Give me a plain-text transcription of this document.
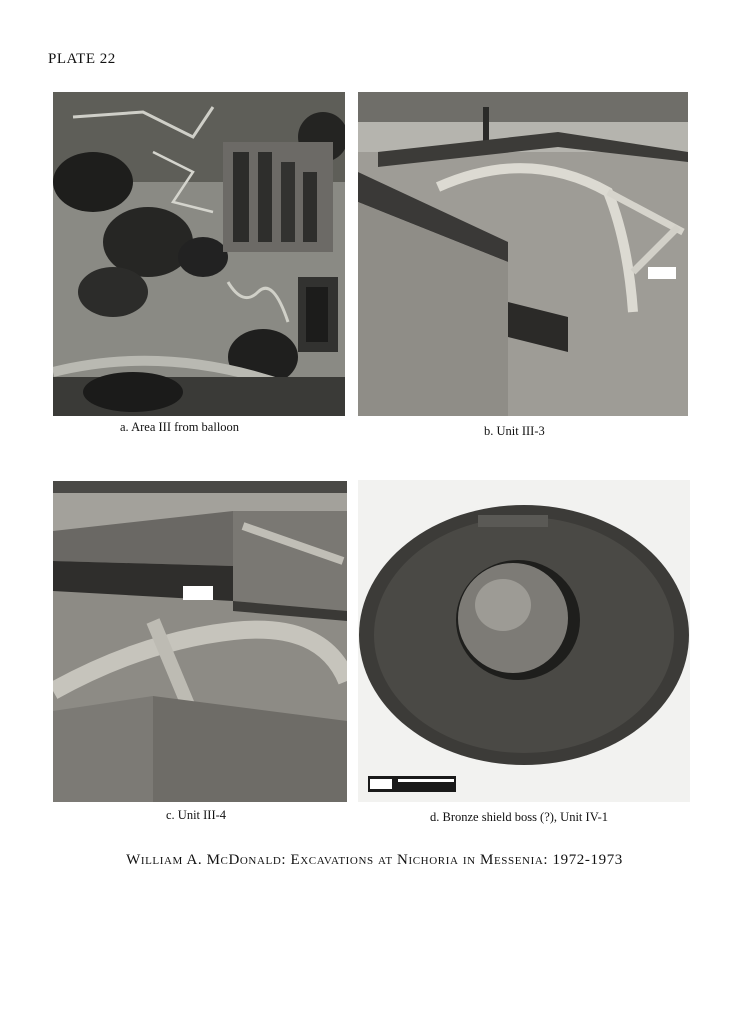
PLATE 22
a. Area III from balloon	b. Unit III-3
c. Unit III-4	d. Bronze shield boss (?), Unit IV-1
William A. McDonald: Excavations at Nichoria in Messenia: 1972-1973
